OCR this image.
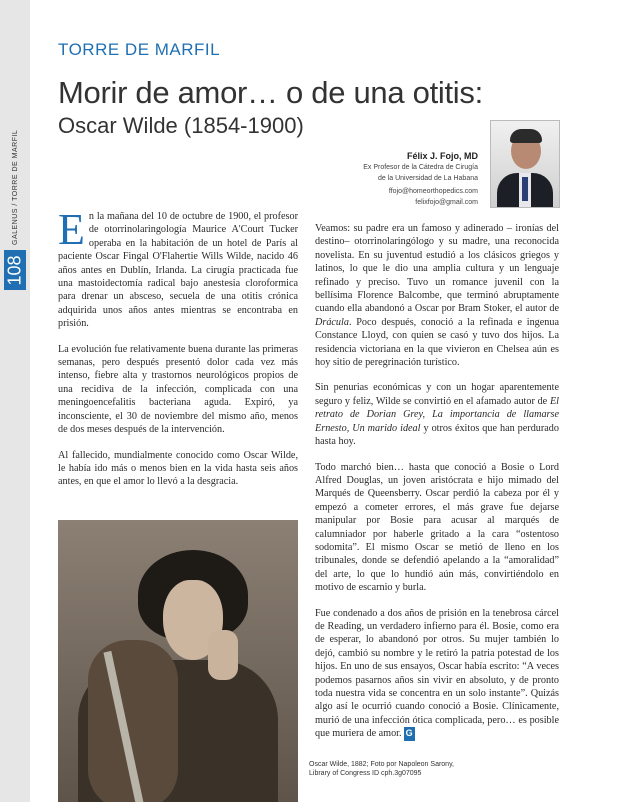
GALENUS / TORRE DE MARFIL
108
TORRE DE MARFIL
Morir de amor… o de una otitis:
Oscar Wilde (1854-1900)
Félix J. Fojo, MD
Ex Profesor de la Cátedra de Cirugía
de la Universidad de La Habana
ffojo@homeorthopedics.com
felixfojo@gmail.com

En la mañana del 10 de octubre de 1900, el profesor de otorrinolaringología Maurice A'Court Tucker operaba en la habitación de un hotel de París al paciente Oscar Fingal O'Flahertie Wills Wilde, nacido 46 años antes en Dublín, Irlanda. La cirugía practicada fue una mastoidectomía radical bajo anestesia cloroformica para drenar un absceso, secuela de una otitis crónica adquirida unos años antes mientras se encontraba en prisión.

La evolución fue relativamente buena durante las primeras semanas, pero después presentó dolor cada vez más intenso, fiebre alta y trastornos neurológicos propios de una recidiva de la infección, complicada con una meningoencefalitis bacteriana aguda. Expiró, ya inconsciente, el 30 de noviembre del mismo año, menos de dos meses después de la intervención.

Al fallecido, mundialmente conocido como Oscar Wilde, le había ido más o menos bien en la vida hasta seis años antes, en que el amor lo llevó a la desgracia.

Veamos: su padre era un famoso y adinerado – ironías del destino– otorrinolaringólogo y su madre, una reconocida novelista. En su juventud estudió a los clásicos griegos y latinos, lo que le dio una amplia cultura y un lenguaje refinado y preciso. Tuvo un romance juvenil con la bellísima Florence Balcombe, que terminó abruptamente cuando ella abandonó a Oscar por Bram Stoker, el autor de Drácula. Poco después, conoció a la refinada e ingenua Constance Lloyd, con quien se casó y tuvo dos hijos. La residencia victoriana en la que vivieron en Chelsea aún es hoy sitio de peregrinación turístico.

Sin penurias económicas y con un hogar aparentemente seguro y feliz, Wilde se convirtió en el afamado autor de El retrato de Dorian Grey, La importancia de llamarse Ernesto, Un marido ideal y otros éxitos que han perdurado hasta hoy.

Todo marchó bien… hasta que conoció a Bosie o Lord Alfred Douglas, un joven aristócrata e hijo mimado del Marqués de Queensberry. Oscar perdió la cabeza por él y empezó a cometer errores, el más grave fue dejarse manipular por Bosie para acusar al marqués de calumniador por haberle gritado a la cara “ostentoso sodomita”. El mismo Oscar se metió de lleno en los tribunales, donde se defendió apelando a la “amoralidad” del arte, lo que lo hundió aún más, convirtiéndolo en motivo de escarnio y burla.

Fue condenado a dos años de prisión en la tenebrosa cárcel de Reading, un verdadero infierno para él. Bosie, como era de esperar, lo abandonó por otros. Su mujer también lo dejó, cambió su nombre y le retiró la patria potestad de los hijos. En uno de sus ensayos, Oscar había escrito: “A veces podemos pasarnos años sin vivir en absoluto, y de pronto toda nuestra vida se concentra en un solo instante”. Quizás algo así le ocurrió cuando conoció a Bosie. Clínicamente, murió de una infección ótica complicada, pero… es posible que muriera de amor. G

Oscar Wilde, 1882; Foto por Napoleon Sarony,
Library of Congress ID cph.3g07095
